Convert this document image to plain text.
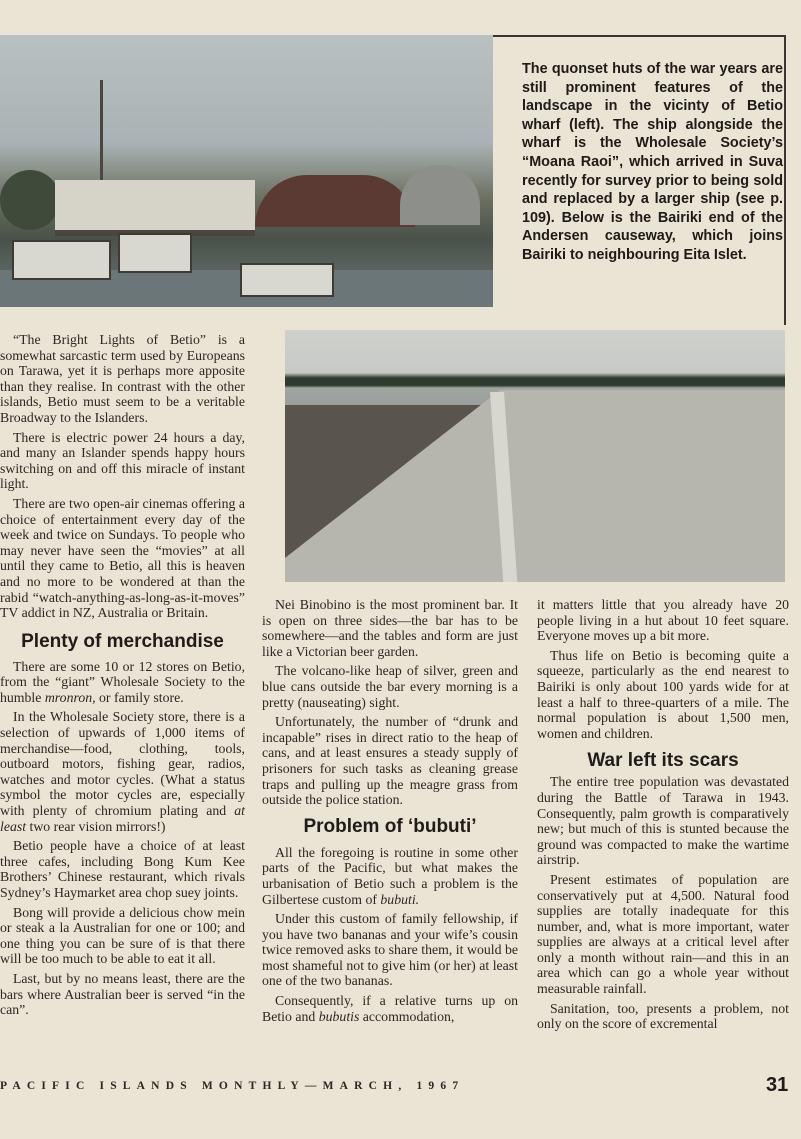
The quonset huts of the war years are still prominent features of the landscape in the vicinty of Betio wharf (left). The ship alongside the wharf is the Wholesale Society’s “Moana Raoi”, which arrived in Suva recently for survey prior to being sold and replaced by a larger ship (see p. 109). Below is the Bairiki end of the Andersen causeway, which joins Bairiki to neighbouring Eita Islet.

“The Bright Lights of Betio” is a somewhat sarcastic term used by Europeans on Tarawa, yet it is perhaps more apposite than they realise. In contrast with the other islands, Betio must seem to be a veritable Broadway to the Islanders.

There is electric power 24 hours a day, and many an Islander spends happy hours switching on and off this miracle of instant light.

There are two open-air cinemas offering a choice of entertainment every day of the week and twice on Sundays. To people who may never have seen the “movies” at all until they came to Betio, all this is heaven and no more to be wondered at than the rabid “watch-anything-as-long-as-it-moves” TV addict in NZ, Australia or Britain.

Plenty of merchandise

There are some 10 or 12 stores on Betio, from the “giant” Wholesale Society to the humble mronron, or family store.

In the Wholesale Society store, there is a selection of upwards of 1,000 items of merchandise—food, clothing, tools, outboard motors, fishing gear, radios, watches and motor cycles. (What a status symbol the motor cycles are, especially with plenty of chromium plating and at least two rear vision mirrors!)

Betio people have a choice of at least three cafes, including Bong Kum Kee Brothers’ Chinese restaurant, which rivals Sydney’s Haymarket area chop suey joints.

Bong will provide a delicious chow mein or steak a la Australian for one or 100; and one thing you can be sure of is that there will be too much to be able to eat it all.

Last, but by no means least, there are the bars where Australian beer is served “in the can”.

Nei Binobino is the most prominent bar. It is open on three sides—the bar has to be somewhere—and the tables and form are just like a Victorian beer garden.

The volcano-like heap of silver, green and blue cans outside the bar every morning is a pretty (nauseating) sight.

Unfortunately, the number of “drunk and incapable” rises in direct ratio to the heap of cans, and at least ensures a steady supply of prisoners for such tasks as cleaning grease traps and pulling up the meagre grass from outside the police station.

Problem of ‘bubuti’

All the foregoing is routine in some other parts of the Pacific, but what makes the urbanisation of Betio such a problem is the Gilbertese custom of bubuti.

Under this custom of family fellowship, if you have two bananas and your wife’s cousin twice removed asks to share them, it would be most shameful not to give him (or her) at least one of the two bananas.

Consequently, if a relative turns up on Betio and bubutis accommodation,

it matters little that you already have 20 people living in a hut about 10 feet square. Everyone moves up a bit more.

Thus life on Betio is becoming quite a squeeze, particularly as the end nearest to Bairiki is only about 100 yards wide for at least a half to three-quarters of a mile. The normal population is about 1,500 men, women and children.

War left its scars

The entire tree population was devastated during the Battle of Tarawa in 1943. Consequently, palm growth is comparatively new; but much of this is stunted because the ground was compacted to make the wartime airstrip.

Present estimates of population are conservatively put at 4,500. Natural food supplies are totally inadequate for this number, and, what is more important, water supplies are always at a critical level after only a month without rain—and this in an area which can go a whole year without measurable rainfall.

Sanitation, too, presents a problem, not only on the score of excremental

PACIFIC ISLANDS MONTHLY—MARCH, 1967	31
